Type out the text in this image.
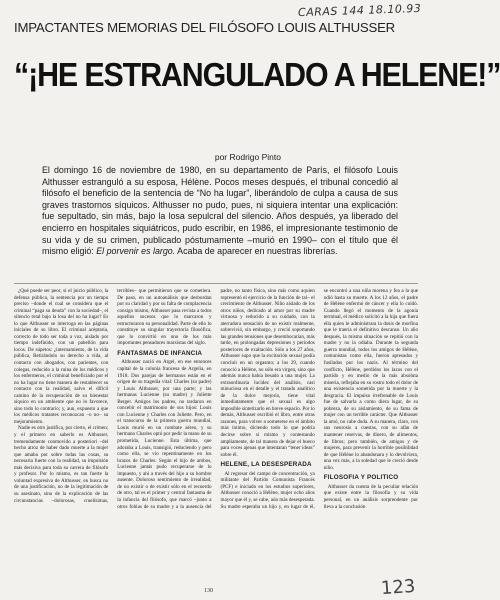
CARAS 144 18.10.93
IMPACTANTES MEMORIAS DEL FILÓSOFO LOUIS ALTHUSSER
“¡HE ESTRANGULADO A HELENE!”
por Rodrigo Pinto
El domingo 16 de noviembre de 1980, en su departamento de París, el filósofo Louis Althusser estranguló a su esposa, Hélène. Pocos meses después, el tribunal concedió al filósofo el beneficio de la sentencia de “No ha lugar”, liberándolo de culpa a causa de sus graves trastornos síquicos. Althusser no pudo, pues, ni siquiera intentar una explicación: fue sepultado, sin más, bajo la losa sepulcral del silencio. Años después, ya liberado del encierro en hospitales siquiátricos, pudo escribir, en 1986, el impresionante testimonio de su vida y de su crimen, publicado póstumamente –murió en 1990– con el título que él mismo eligió: El porvenir es largo. Acaba de aparecer en nuestras librerías.

¿Qué puede ser peor, si el juicio público, la defensa pública, la sentencia por un tiempo preciso –donde el cual se considera que el criminal “paga su deuda” con la sociedad–, el silencio total bajo la losa del no ha lugar? Es lo que Althusser se interroga en las páginas iniciales de su libro. El criminal acéptaría, correcto de todo ser toda a voz, aislado por tiempo indefinido, con un pabellón para locos. De súpetos: ¿internamiento, de la vida pública, Retirándolo su derecho a vida, al contacto con abogados, con parientes, con colegas, reducido a la ruina de los médicos y los enfermeros, el criminal beneficiado por el no ha lugar no tiene manera de restablecer su contacto con la realidad, salvo el difícil camino de la recuperación de su bienestar síquico en un ambiente que no lo favorece, sino todo lo contrario; y, aun, expuesto a que los médicos tratantes reconozcan –o no– su mejoramiento.

Nadie es otro justifica, por cierto, el crimen; y el primero en saberlo es Althusser, tremendamente conmovido a posteriori –del hecho atroz de haber dado muerte a la mujer que amaba por sobre todas las cosas, su necesaria fuerte con la realidad, su impulsión más decisiva para toda su carrera de filósofo y profesor. Por lo mismo, es tan fuerte la voluntad expresiva de Althusser, en busca no de una justificación, no de la legitimación de su asesinato, sino de la explicación de las circunstancias –dolorosas, cruelísimas, terribles– que permitieron que se cometiera. De paso, en un autoanálisis que desbordan por su claridad y por su falta de complacencia consigo mismo, Althusser pasa revista a todos aquellos sucesos que lo marcaron y estructuraron su personalidad. Parte de ello lo constituye su singular trayectoria filosófica, que lo convirtió en uno de los más importantes pensadores marxistas del siglo.

FANTASMAS DE INFANCIA

Althusser nació en Argel, en ese entonces capital de la colonia francesa de Argelia, en 1918. Dos parejas de hermanos están en el origen de su tragedia vital: Charles (su padre) y Louis Althusser, por una parte; y las hermanas Lucienne (su madre) y Juliette Berger. Amigos los padres, no tardaron en concebir el matrimonio de sus hijos: Louis con Lucienne y Charles con Juliette. Pero, en el transcurso de la primera guerra mundial, Louis murió en un combate aéreo, y su hermano Charles optó por pedir la mano de su prometida, Lucienne. Esta última, que adoraba a Louis, transigió, reduciendo y pero como ella, se vio repentinamente en los brazos de Charles. Según el hijo de ambos, Lucienne jamás pudo recuperarse de lo impuesto, y ahí a través del hijo a su hombre ausente. Doloroso sentimiento de irrealidad, de no existir o de existir sólo en el recuerdo de otro, tal es el primer y central fantasma de la infancia del filósofo, que marcó –junto a otros fobias de su madre y a la ausencia del padre, no tanto física, sino más como aquien representó el ejercicio de la función de tal– el crecimiento de Althusser. Niño aislado de los otros niños, dedicado al amor por su madre virtuosa y reducido a su cuidado, con la aterradora sensación de no existir realmente, sobrevivió, sin embargo, y creció soportando las grandes tensiones que desembocarían, más tarde, en prolongadas depresiones y períodos posteriores de exaltación. Sólo a los 27 años, Althusser supo que la excitación sexual podía concluir en un orgasmo; a los 29, cuando conoció a Hélène, no sólo era virgen, sino que además nunca había besado a una mujer. La extraordinaria lucidez del análisis, casi minuciosa en el detalle y el tratado analítico de la dulce mejoría, tiene vital inmediatamente que el sexual es algo imposible sintetizarlo en breve espacio. Por lo demás, Althusser escribió el libro, entre otras razones, para volver a someterse en el ámbito más íntimo, diciendo todo lo que podría decirse sobre sí mismo y contestando ampliamente, de tal manera de dejar el hueco para voces ajenas que intentaran “tener ideas” sobre él.

HELENE, LA DESESPERADA

Al regresar del campo de concentración, ya militante del Partido Comunista Francés (PCF) e iniciado en los estudios superiores, Althusser conoció a Hélène, mujer ocho años mayor que él y, se cabe, aún más desesperada. Su madre esperaba un hijo y, en lugar de él, se encontró a una niña morena y fea a la que odió hasta su muerte. A los 12 años, el padre de Hélène enfermó de cáncer y ella lo cuidó. Cuando llegó el momento de la agonía terminal, el médico solicitó a la hija que fuera ella quien le administrara la dosis de morfina que le traería el definitivo descanso. Un año después, la misma situación se repitió con la madre y no la odiaba. Durante la segunda guerra mundial, todos los amigos de Hélène, comunistas como ella, fueron apresados y fusilados por los nazis. Al término del conflicto, Hélène, perdidos los lazos con el partido y en medio de la más absoluta miseria, reflejaba en su rostro todo el dolor de una existencia sometida por la muerte y la desgracia. El impulso irrefrenable de Louis fue de salvarla a como diera lugar, de su pobreza, de su aislamiento, de su fama de mujer con un terrible carácter. Que Althusser la amó, no cabe duda. A su manera, claro, con sus neurosis a cuestas, con su afán de mantener reservas, de dinero, de alimentos, de libros; pero también, de amigos y de mujeres, para prevenir la horrible posibilidad de que Hélène lo abandonara y lo devolviera, una vez más, a la soledad que le creció desde niño.

FILOSOFIA Y POLITICO

Althusser da cuenta de la peculiar relación que existe entre la filosofía y su vida personal, en un análisis sorprendente por lleva a la conclusión

130	123
